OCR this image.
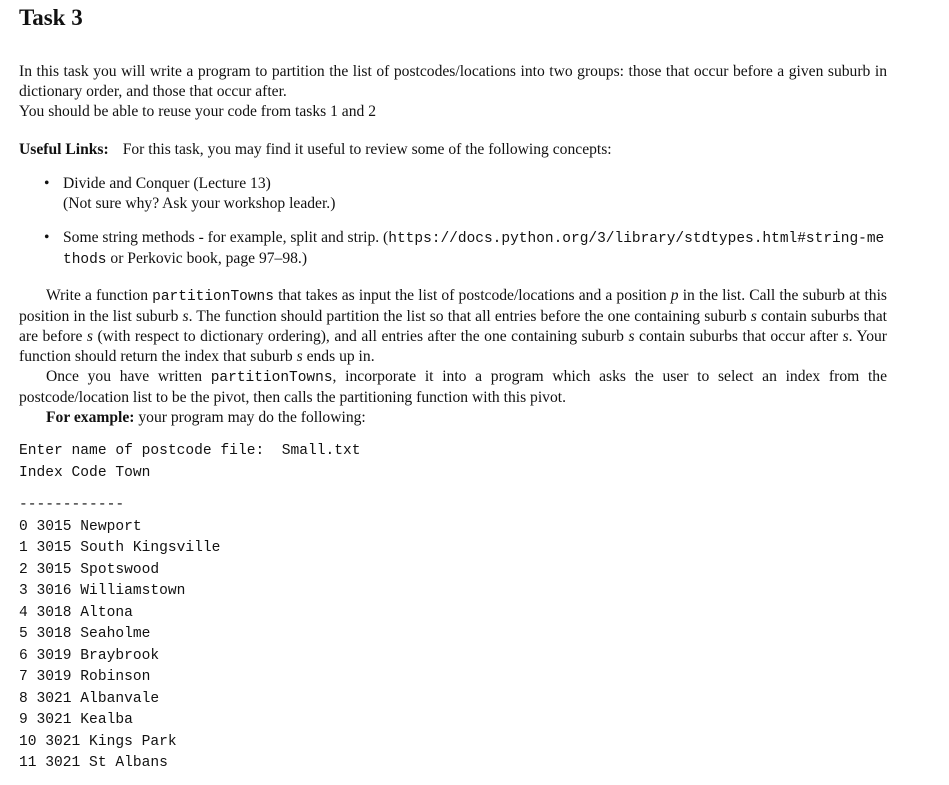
Task 3
In this task you will write a program to partition the list of postcodes/locations into two groups: those that occur before a given suburb in dictionary order, and those that occur after.
You should be able to reuse your code from tasks 1 and 2
Useful Links: For this task, you may find it useful to review some of the following concepts:
• Divide and Conquer (Lecture 13)
(Not sure why? Ask your workshop leader.)
• Some string methods - for example, split and strip. (https://docs.python.org/3/library/stdtypes.html#string-methods or Perkovic book, page 97–98.)
Write a function partitionTowns that takes as input the list of postcode/locations and a position p in the list. Call the suburb at this position in the list suburb s. The function should partition the list so that all entries before the one containing suburb s contain suburbs that are before s (with respect to dictionary ordering), and all entries after the one containing suburb s contain suburbs that occur after s. Your function should return the index that suburb s ends up in.
Once you have written partitionTowns, incorporate it into a program which asks the user to select an index from the postcode/location list to be the pivot, then calls the partitioning function with this pivot.
For example: your program may do the following:
Enter name of postcode file:  Small.txt
Index Code Town
------------
0 3015 Newport
1 3015 South Kingsville
2 3015 Spotswood
3 3016 Williamstown
4 3018 Altona
5 3018 Seaholme
6 3019 Braybrook
7 3019 Robinson
8 3021 Albanvale
9 3021 Kealba
10 3021 Kings Park
11 3021 St Albans
